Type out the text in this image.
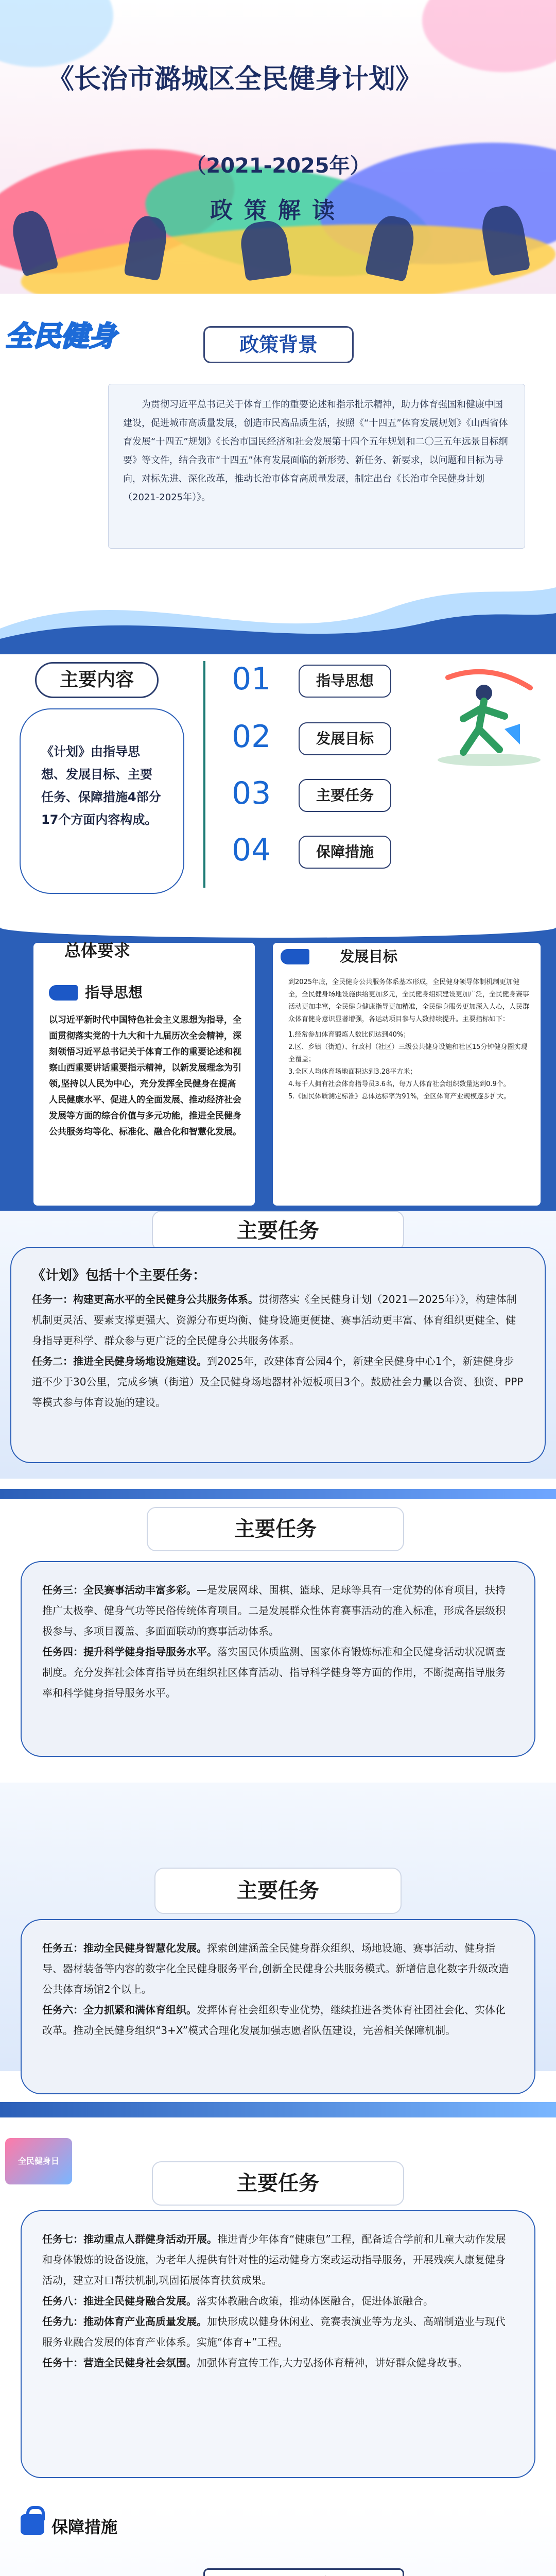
《长治市潞城区全民健身计划》
（2021-2025年）
政策解读
全民健身	政策背景

为贯彻习近平总书记关于体育工作的重要论述和指示批示精神，助力体育强国和健康中国建设，促进城市高质量发展，创造市民高品质生活，按照《“十四五”体育发展规划》《山西省体育发展“十四五”规划》《长治市国民经济和社会发展第十四个五年规划和二〇三五年远景目标纲要》等文件，结合我市“十四五”体育发展面临的新形势、新任务、新要求，以问题和目标为导向，对标先进、深化改革，推动长治市体育高质量发展，制定出台《长治市全民健身计划（2021-2025年）》。

《计划》由指导思想、发展目标、主要任务、保障措施4部分17个方面内容构成。

主要内容	01	指导思想
02	发展目标
03	主要任务
04	保障措施
总体要求
指导思想
以习近平新时代中国特色社会主义思想为指导，全面贯彻落实党的十九大和十九届历次全会精神，深刻领悟习近平总书记关于体育工作的重要论述和视察山西重要讲话重要指示精神，以新发展理念为引领,坚持以人民为中心，充分发挥全民健身在提高人民健康水平、促进人的全面发展、推动经济社会发展等方面的综合价值与多元功能，推进全民健身公共服务均等化、标准化、融合化和智慧化发展。
发展目标
到2025年底，全民健身公共服务体系基本形成，全民健身领导体制机制更加健全，全民健身场地设施供给更加多元，全民健身组织建设更加广泛，全民健身赛事活动更加丰富，全民健身健康指导更加精准，全民健身服务更加深入人心，人民群众体育健身意识显著增强，各运动项目参与人数持续提升。主要指标如下：
1.经常参加体育锻炼人数比例达到40%；
2.区、乡镇（街道）、行政村（社区）三级公共健身设施和社区15分钟健身圈实现全覆盖；
3.全区人均体育场地面积达到3.28平方米；
4.每千人拥有社会体育指导员3.6名，每万人体育社会组织数量达到0.9个。
5.《国民体质测定标准》总体达标率为91%，全区体育产业规模逐步扩大。
主要任务

《计划》包括十个主要任务：

任务一：构建更高水平的全民健身公共服务体系。贯彻落实《全民健身计划（2021—2025年）》，构建体制机制更灵活、要素支撑更强大、资源分布更均衡、健身设施更便捷、赛事活动更丰富、体育组织更健全、健身指导更科学、群众参与更广泛的全民健身公共服务体系。

任务二：推进全民健身场地设施建设。到2025年，改建体育公园4个，新建全民健身中心1个，新建健身步道不少于30公里，完成乡镇（街道）及全民健身场地器材补短板项目3个。鼓励社会力量以合资、独资、PPP等模式参与体育设施的建设。

主要任务

任务三：全民赛事活动丰富多彩。—是发展网球、围棋、篮球、足球等具有一定优势的体育项目，扶持推广太极拳、健身气功等民俗传统体育项目。二是发展群众性体育赛事活动的准入标准，形成各层级积极参与、多项目覆盖、多面面联动的赛事活动体系。

任务四：提升科学健身指导服务水平。落实国民体质监测、国家体育锻炼标准和全民健身活动状况调查制度。充分发挥社会体育指导员在组织社区体育活动、指导科学健身等方面的作用，不断提高指导服务率和科学健身指导服务水平。

主要任务

任务五：推动全民健身智慧化发展。探索创建涵盖全民健身群众组织、场地设施、赛事活动、健身指导、器材装备等内容的数字化全民健身服务平台,创新全民健身公共服务模式。新增信息化数字升级改造公共体育场馆2个以上。

任务六：全力抓紧和满体育组织。发挥体育社会组织专业优势，继续推进各类体育社团社会化、实体化改革。推动全民健身组织“3+X”模式合理化发展加强志愿者队伍建设，完善相关保障机制。

全民健身日
主要任务

任务七：推动重点人群健身活动开展。推进青少年体育“健康包”工程，配备适合学前和儿童大动作发展和身体锻炼的设备设施，为老年人提供有针对性的运动健身方案或运动指导服务，开展残疾人康复健身活动，建立对口帮扶机制,巩固拓展体育扶贫成果。

任务八：推进全民健身融合发展。落实体教融合政策，推动体医融合，促进体旅融合。

任务九：推动体育产业高质量发展。加快形成以健身休闲业、竞赛表演业等为龙头、高端制造业与现代服务业融合发展的体育产业体系。实施“体育+”工程。

任务十：营造全民健身社会氛围。加强体育宣传工作,大力弘扬体育精神，讲好群众健身故事。

保障措施
